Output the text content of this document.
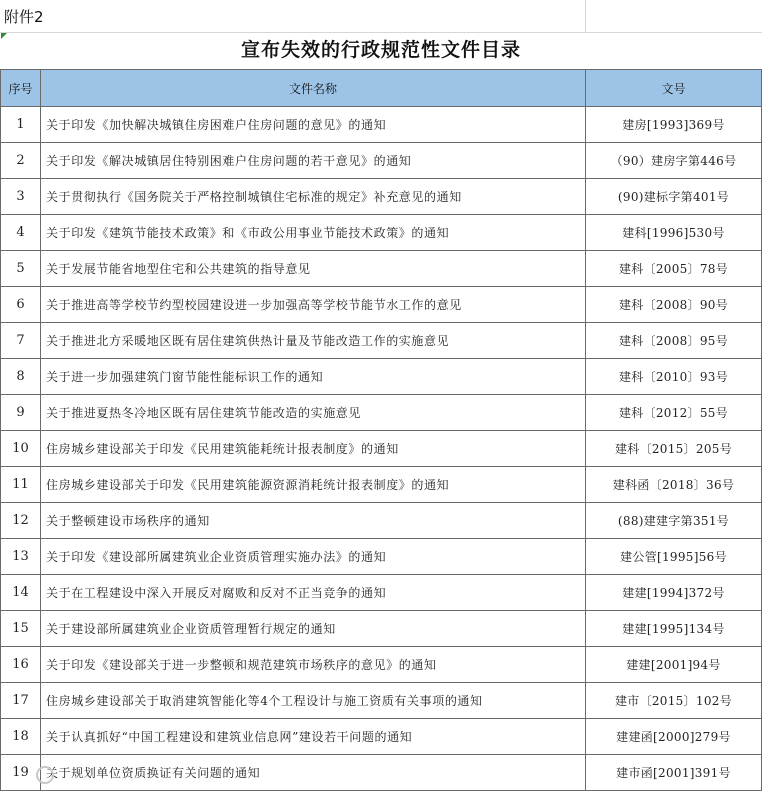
附件2
宣布失效的行政规范性文件目录
序号	文件名称	文号
1	关于印发《加快解决城镇住房困难户住房问题的意见》的通知	建房[1993]369号
2	关于印发《解决城镇居住特别困难户住房问题的若干意见》的通知	（90）建房字第446号
3	关于贯彻执行《国务院关于严格控制城镇住宅标准的规定》补充意见的通知	(90)建标字第401号
4	关于印发《建筑节能技术政策》和《市政公用事业节能技术政策》的通知	建科[1996]530号
5	关于发展节能省地型住宅和公共建筑的指导意见	建科〔2005〕78号
6	关于推进高等学校节约型校园建设进一步加强高等学校节能节水工作的意见	建科〔2008〕90号
7	关于推进北方采暖地区既有居住建筑供热计量及节能改造工作的实施意见	建科〔2008〕95号
8	关于进一步加强建筑门窗节能性能标识工作的通知	建科〔2010〕93号
9	关于推进夏热冬冷地区既有居住建筑节能改造的实施意见	建科〔2012〕55号
10	住房城乡建设部关于印发《民用建筑能耗统计报表制度》的通知	建科〔2015〕205号
11	住房城乡建设部关于印发《民用建筑能源资源消耗统计报表制度》的通知	建科函〔2018〕36号
12	关于整顿建设市场秩序的通知	(88)建建字第351号
13	关于印发《建设部所属建筑业企业资质管理实施办法》的通知	建公管[1995]56号
14	关于在工程建设中深入开展反对腐败和反对不正当竞争的通知	建建[1994]372号
15	关于建设部所属建筑业企业资质管理暂行规定的通知	建建[1995]134号
16	关于印发《建设部关于进一步整顿和规范建筑市场秩序的意见》的通知	建建[2001]94号
17	住房城乡建设部关于取消建筑智能化等4个工程设计与施工资质有关事项的通知	建市〔2015〕102号
18	关于认真抓好“中国工程建设和建筑业信息网”建设若干问题的通知	建建函[2000]279号
19	关于规划单位资质换证有关问题的通知	建市函[2001]391号
